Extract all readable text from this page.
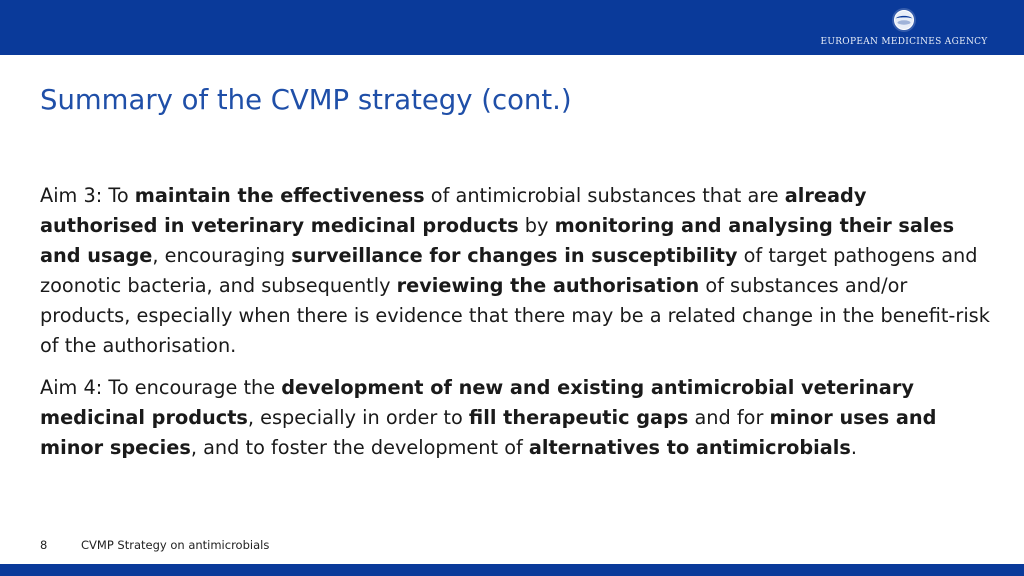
EUROPEAN MEDICINES AGENCY
Summary of the CVMP strategy (cont.)

Aim 3: To maintain the effectiveness of antimicrobial substances that are already authorised in veterinary medicinal products by monitoring and analysing their sales and usage, encouraging surveillance for changes in susceptibility of target pathogens and zoonotic bacteria, and subsequently reviewing the authorisation of substances and/or products, especially when there is evidence that there may be a related change in the benefit-risk of the authorisation.

Aim 4: To encourage the development of new and existing antimicrobial veterinary medicinal products, especially in order to fill therapeutic gaps and for minor uses and minor species, and to foster the development of alternatives to antimicrobials.

8	CVMP Strategy on antimicrobials
